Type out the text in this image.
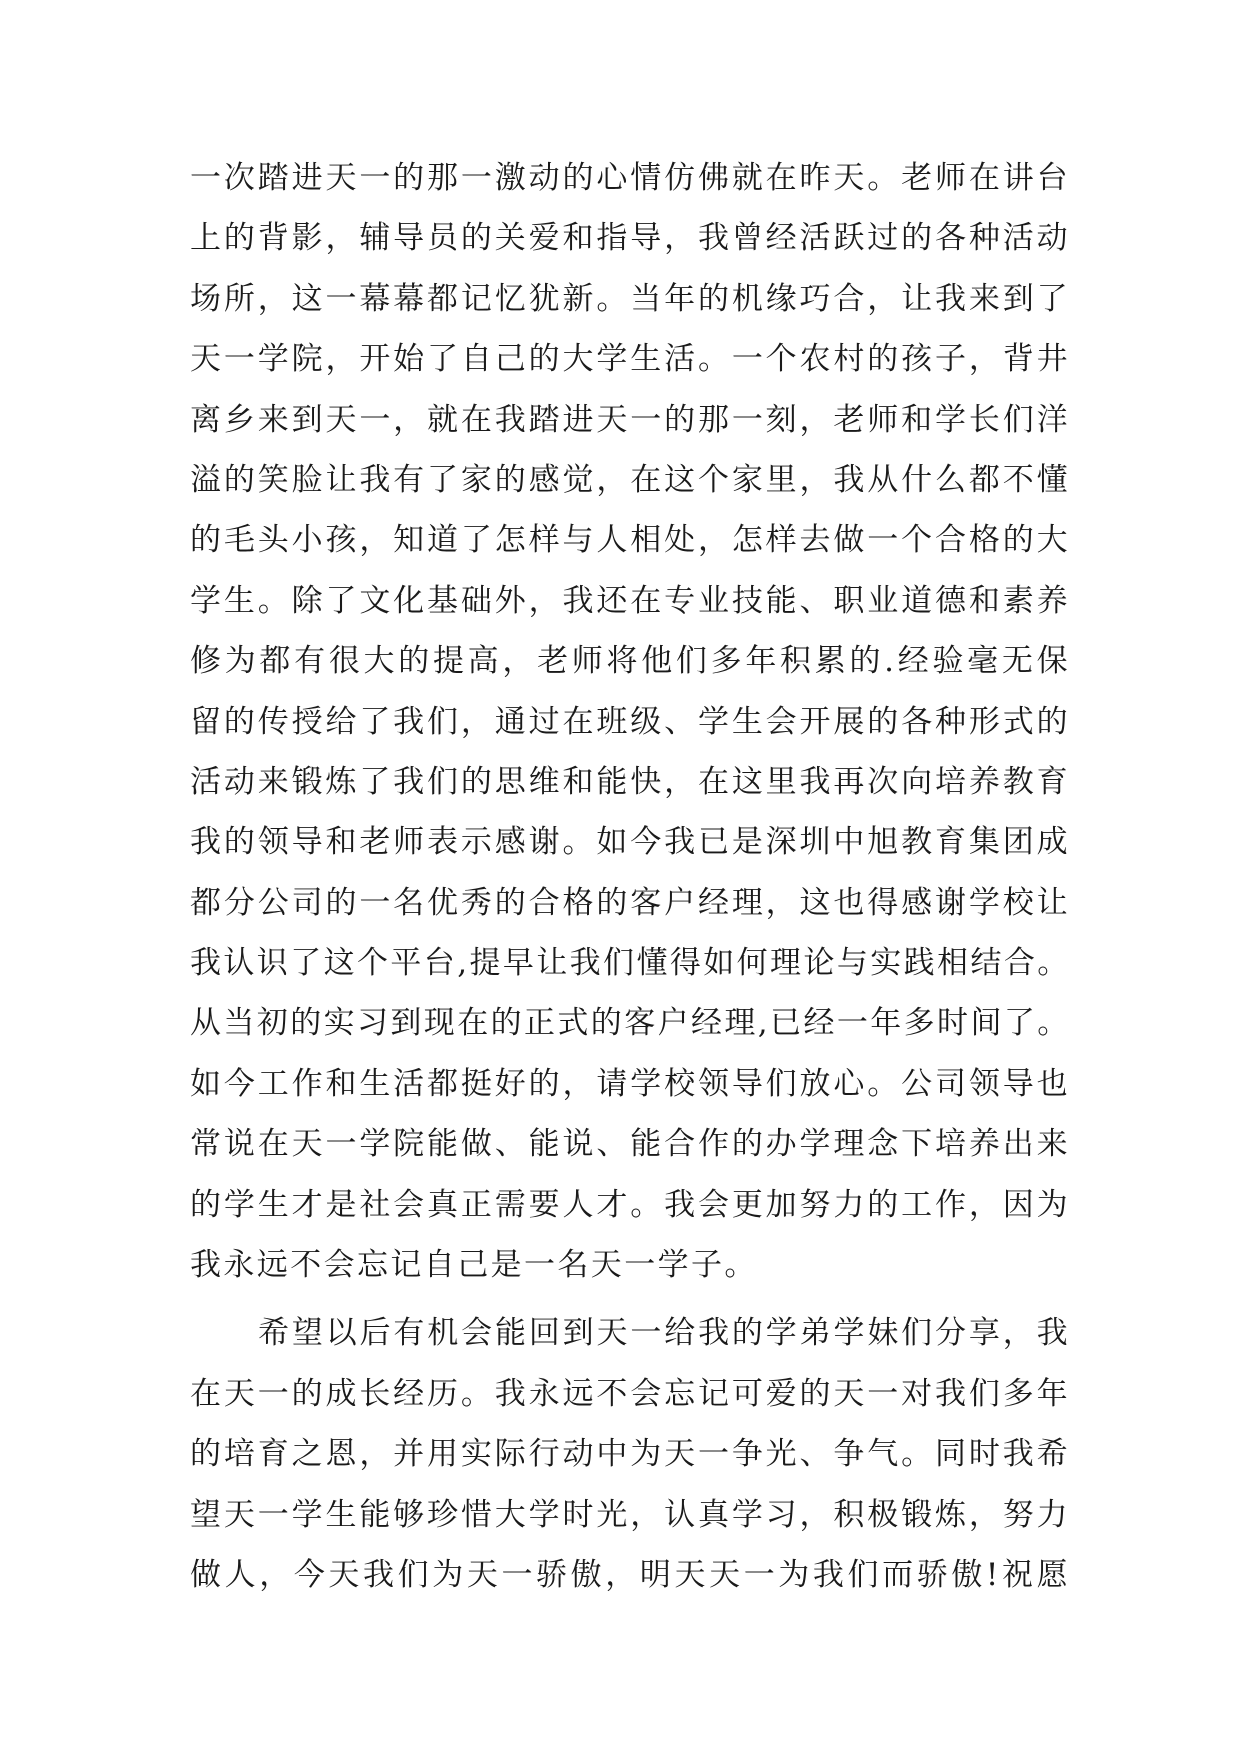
一次踏进天一的那一激动的心情仿佛就在昨天。老师在讲台
上的背影，辅导员的关爱和指导，我曾经活跃过的各种活动
场所，这一幕幕都记忆犹新。当年的机缘巧合，让我来到了
天一学院，开始了自己的大学生活。一个农村的孩子，背井
离乡来到天一，就在我踏进天一的那一刻，老师和学长们洋
溢的笑脸让我有了家的感觉，在这个家里，我从什么都不懂
的毛头小孩，知道了怎样与人相处，怎样去做一个合格的大
学生。除了文化基础外，我还在专业技能、职业道德和素养
修为都有很大的提高，老师将他们多年积累的.经验毫无保
留的传授给了我们，通过在班级、学生会开展的各种形式的
活动来锻炼了我们的思维和能快，在这里我再次向培养教育
我的领导和老师表示感谢。如今我已是深圳中旭教育集团成
都分公司的一名优秀的合格的客户经理，这也得感谢学校让
我认识了这个平台,提早让我们懂得如何理论与实践相结合。
从当初的实习到现在的正式的客户经理,已经一年多时间了。
如今工作和生活都挺好的，请学校领导们放心。公司领导也
常说在天一学院能做、能说、能合作的办学理念下培养出来
的学生才是社会真正需要人才。我会更加努力的工作，因为
我永远不会忘记自己是一名天一学子。
希望以后有机会能回到天一给我的学弟学妹们分享，我
在天一的成长经历。我永远不会忘记可爱的天一对我们多年
的培育之恩，并用实际行动中为天一争光、争气。同时我希
望天一学生能够珍惜大学时光，认真学习，积极锻炼，努力
做人，今天我们为天一骄傲，明天天一为我们而骄傲!祝愿
